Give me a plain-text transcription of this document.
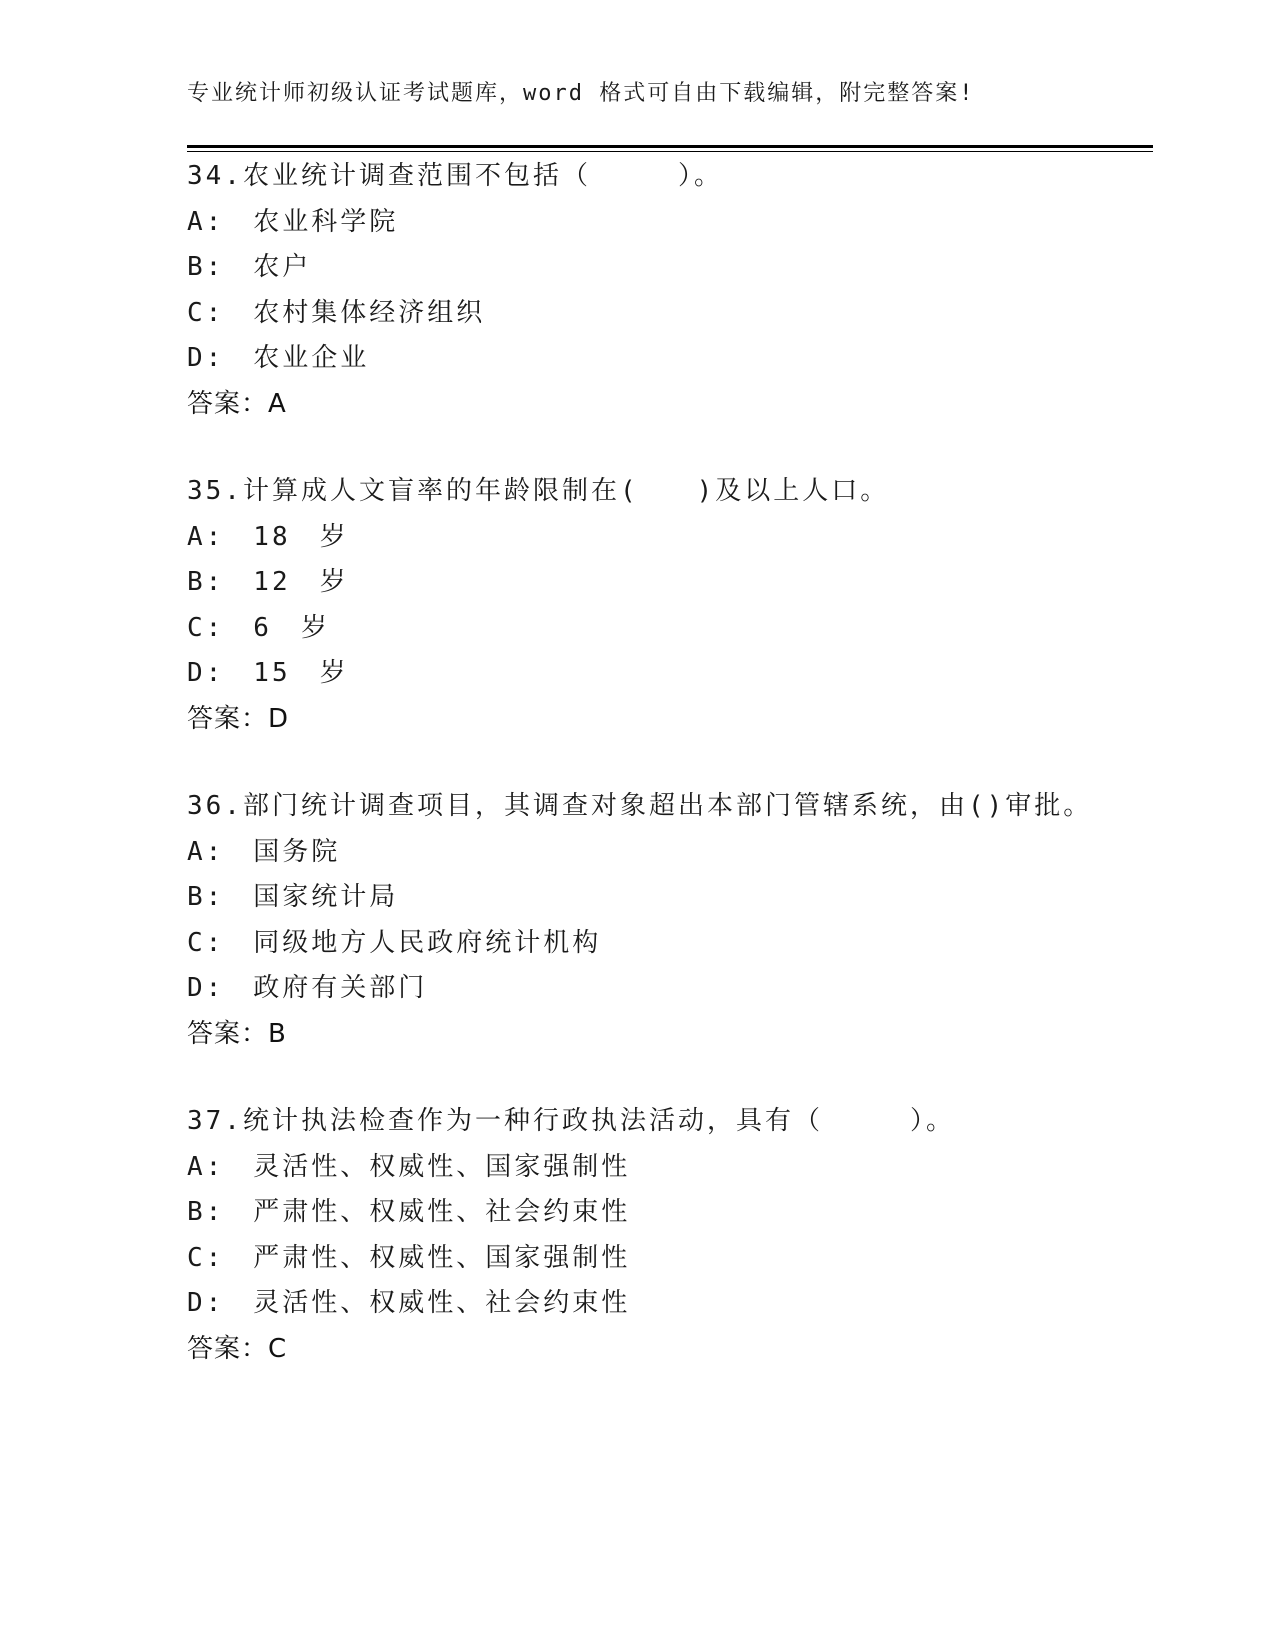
专业统计师初级认证考试题库，word 格式可自由下载编辑，附完整答案!
34.农业统计调查范围不包括（　　　）。
A:　农业科学院
B:　农户
C:　农村集体经济组织
D:　农业企业
答案：A
35.计算成人文盲率的年龄限制在(　　)及以上人口。
A:　18　岁
B:　12　岁
C:　6　岁
D:　15　岁
答案：D
36.部门统计调查项目，其调查对象超出本部门管辖系统，由()审批。
A:　国务院
B:　国家统计局
C:　同级地方人民政府统计机构
D:　政府有关部门
答案：B
37.统计执法检查作为一种行政执法活动，具有（　　　）。
A:　灵活性、权威性、国家强制性
B:　严肃性、权威性、社会约束性
C:　严肃性、权威性、国家强制性
D:　灵活性、权威性、社会约束性
答案：C
